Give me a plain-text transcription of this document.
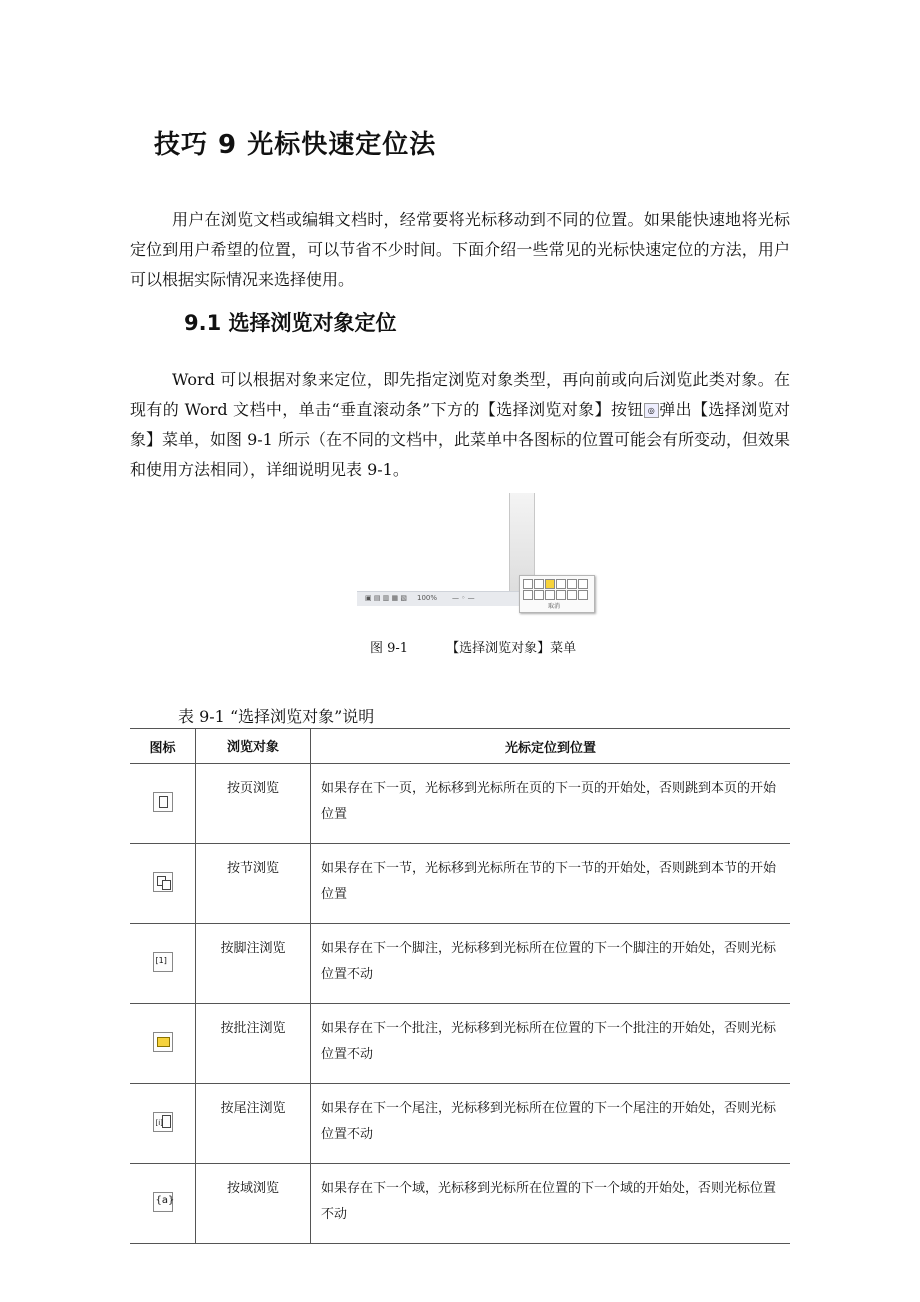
技巧 9 光标快速定位法
用户在浏览文档或编辑文档时，经常要将光标移动到不同的位置。如果能快速地将光标定位到用户希望的位置，可以节省不少时间。下面介绍一些常见的光标快速定位的方法，用户可以根据实际情况来选择使用。
9.1 选择浏览对象定位
Word 可以根据对象来定位，即先指定浏览对象类型，再向前或向后浏览此类对象。在现有的 Word 文档中，单击“垂直滚动条”下方的【选择浏览对象】按钮 ◎ 弹出【选择浏览对象】菜单，如图 9-1 所示（在不同的文档中，此菜单中各图标的位置可能会有所变动，但效果和使用方法相同），详细说明见表 9-1。
▣ ▤ ▥ ▦ ▧ 100% — ◦ —
取消
图 9-1	【选择浏览对象】菜单
表 9-1 “选择浏览对象”说明
图标	浏览对象	光标定位到位置
	按页浏览	如果存在下一页，光标移到光标所在页的下一页的开始处，否则跳到本页的开始位置
	按节浏览	如果存在下一节，光标移到光标所在节的下一节的开始处，否则跳到本节的开始位置
[1]	按脚注浏览	如果存在下一个脚注，光标移到光标所在位置的下一个脚注的开始处，否则光标位置不动
	按批注浏览	如果存在下一个批注，光标移到光标所在位置的下一个批注的开始处，否则光标位置不动
[i]	按尾注浏览	如果存在下一个尾注，光标移到光标所在位置的下一个尾注的开始处，否则光标位置不动
{a}	按域浏览	如果存在下一个域，光标移到光标所在位置的下一个域的开始处，否则光标位置不动
